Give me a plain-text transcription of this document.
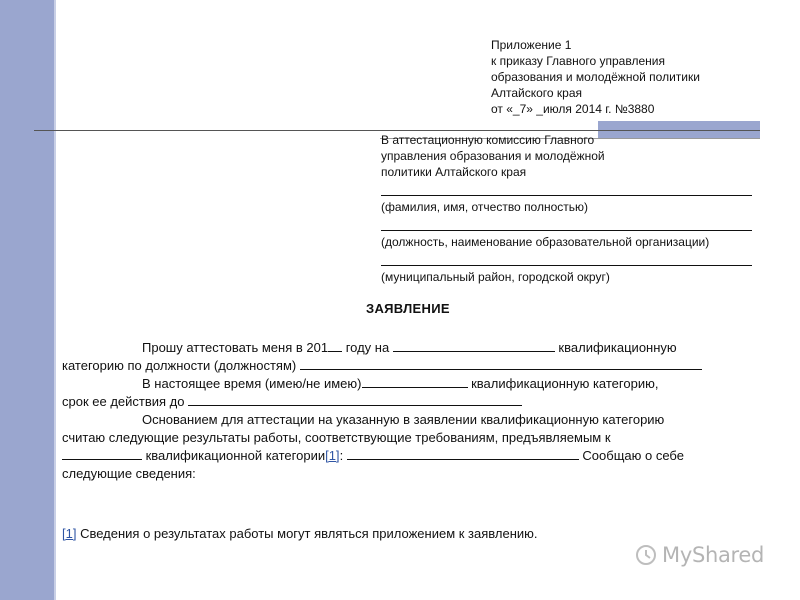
Приложение 1
к приказу Главного управления
образования и молодёжной политики
Алтайского края
от «_7» _июля 2014 г. №3880
В аттестационную комиссию Главного
управления образования и молодёжной
политики Алтайского края
(фамилия, имя, отчество полностью)
(должность, наименование образовательной организации)
(муниципальный район, городской округ)
ЗАЯВЛЕНИЕ
Прошу аттестовать меня в 201 году на	квалификационную
категорию по должности (должностям)
В настоящее время (имею/не имею)	квалификационную категорию,
срок ее действия до
Основанием для аттестации на указанную в заявлении квалификационную категорию
считаю следующие результаты работы, соответствующие требованиям, предъявляемым к
квалификационной категории[1]:	Сообщаю о себе
следующие сведения:
[1] Сведения о результатах работы могут являться приложением к заявлению.
MyShared
